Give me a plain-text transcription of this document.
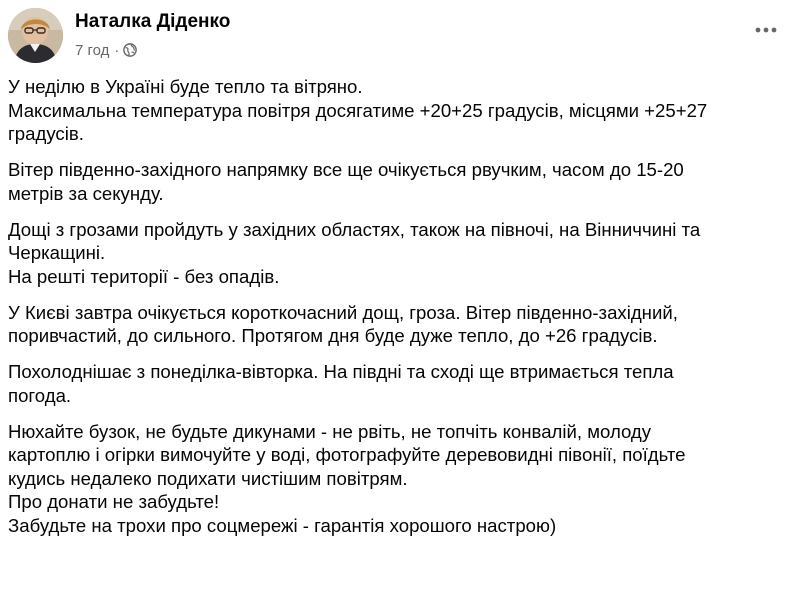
Наталка Діденко
7 год ·
У неділю в Україні буде тепло та вітряно.
Максимальна температура повітря досягатиме +20+25 градусів, місцями +25+27
градусів.
Вітер південно-західного напрямку все ще очікується рвучким, часом до 15-20
метрів за секунду.
Дощі з грозами пройдуть у західних областях, також на півночі, на Вінниччині та
Черкащині.
На решті території - без опадів.
У Києві завтра очікується короткочасний дощ, гроза. Вітер південно-західний,
поривчастий, до сильного. Протягом дня буде дуже тепло, до +26 градусів.
Похолоднішає з понеділка-вівторка. На півдні та сході ще втримається тепла
погода.
Нюхайте бузок, не будьте дикунами - не рвіть, не топчіть конвалій, молоду
картоплю і огірки вимочуйте у воді, фотографуйте деревовидні півонії, поїдьте
кудись недалеко подихати чистішим повітрям.
Про донати не забудьте!
Забудьте на трохи про соцмережі - гарантія хорошого настрою)
